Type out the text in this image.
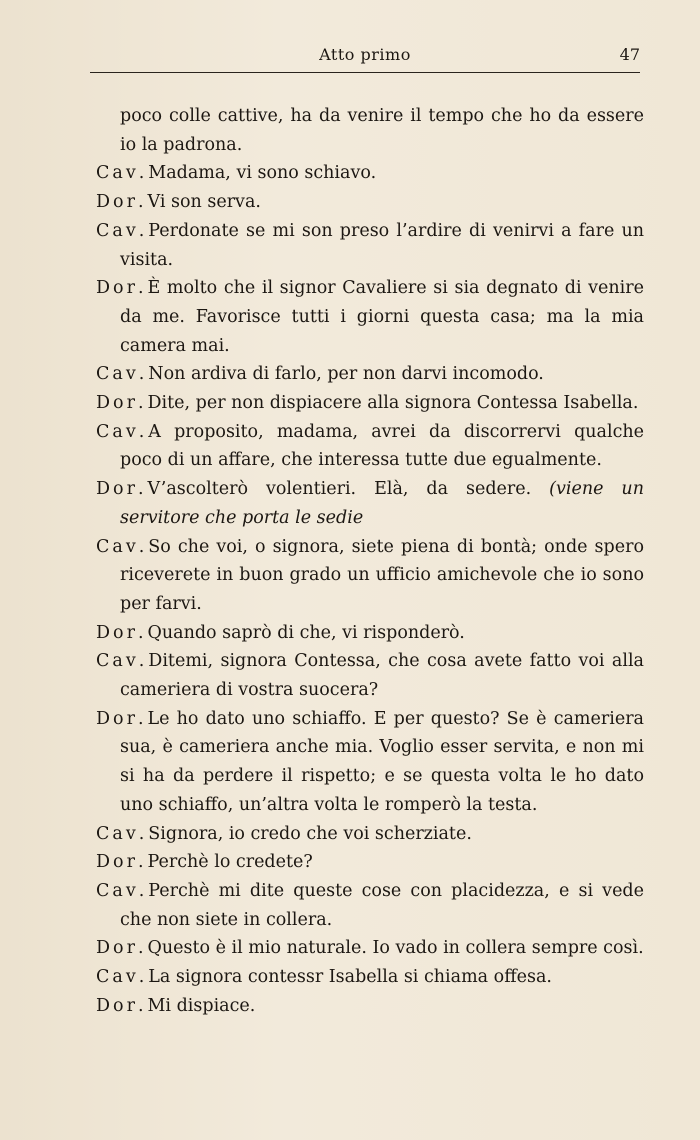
Atto primo	47
poco colle cattive, ha da venire il tempo che ho da essere io la padrona.
Cav. Madama, vi sono schiavo.
Dor. Vi son serva.
Cav. Perdonate se mi son preso l’ardire di venirvi a fare un visita.
Dor. È molto che il signor Cavaliere si sia degnato di venire da me. Favorisce tutti i giorni questa casa; ma la mia camera mai.
Cav. Non ardiva di farlo, per non darvi incomodo.
Dor. Dite, per non dispiacere alla signora Contessa Isabella.
Cav. A proposito, madama, avrei da discorrervi qualche poco di un affare, che interessa tutte due egualmente.
Dor. V’ascolterò volentieri. Elà, da sedere. (viene un servitore che porta le sedie
Cav. So che voi, o signora, siete piena di bontà; onde spero riceverete in buon grado un ufficio amichevole che io sono per farvi.
Dor. Quando saprò di che, vi risponderò.
Cav. Ditemi, signora Contessa, che cosa avete fatto voi alla cameriera di vostra suocera?
Dor. Le ho dato uno schiaffo. E per questo? Se è cameriera sua, è cameriera anche mia. Voglio esser servita, e non mi si ha da perdere il rispetto; e se questa volta le ho dato uno schiaffo, un’altra volta le romperò la testa.
Cav. Signora, io credo che voi scherziate.
Dor. Perchè lo credete?
Cav. Perchè mi dite queste cose con placidezza, e si vede che non siete in collera.
Dor. Questo è il mio naturale. Io vado in collera sempre così.
Cav. La signora contessr Isabella si chiama offesa.
Dor. Mi dispiace.
